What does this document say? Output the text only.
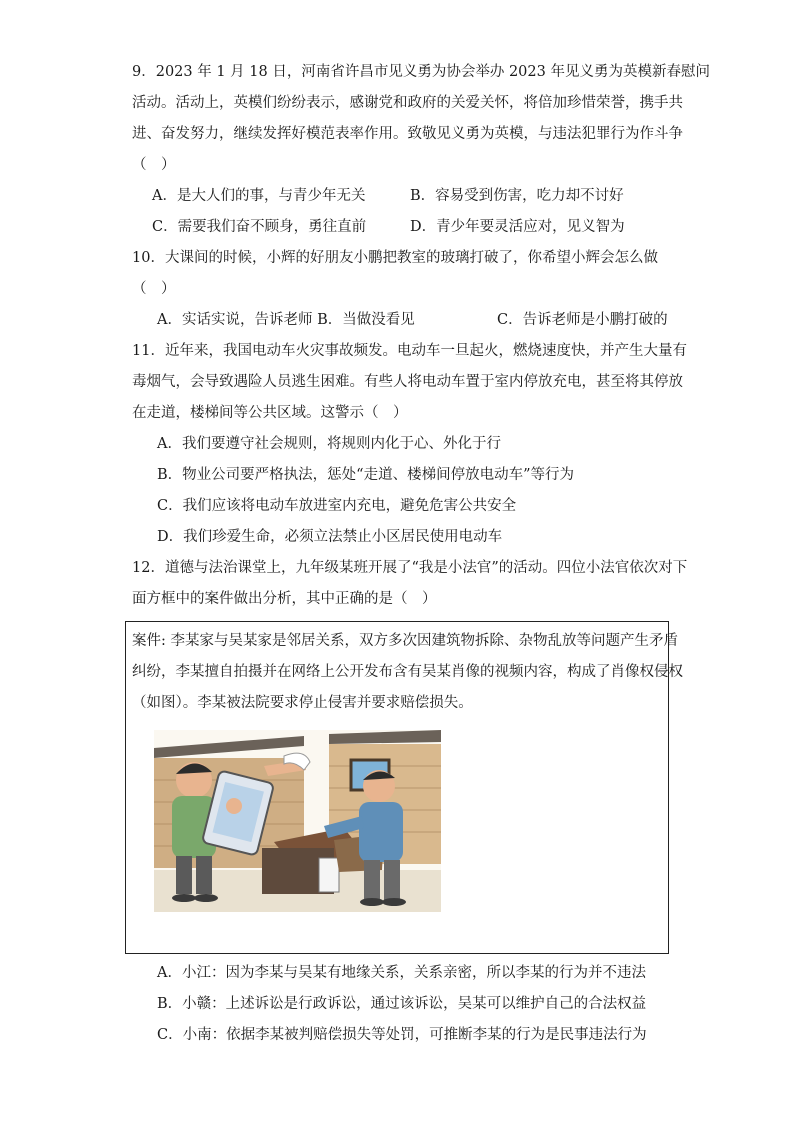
9．2023 年 1 月 18 日，河南省许昌市见义勇为协会举办 2023 年见义勇为英模新春慰问
活动。活动上，英模们纷纷表示，感谢党和政府的关爱关怀，将倍加珍惜荣誉，携手共
进、奋发努力，继续发挥好模范表率作用。致敬见义勇为英模，与违法犯罪行为作斗争
（　）
A．是大人们的事，与青少年无关	B．容易受到伤害，吃力却不讨好
C．需要我们奋不顾身，勇往直前	D．青少年要灵活应对，见义智为
10．大课间的时候，小辉的好朋友小鹏把教室的玻璃打破了，你希望小辉会怎么做
（　）
A．实话实说，告诉老师 B．当做没看见	C．告诉老师是小鹏打破的
11．近年来，我国电动车火灾事故频发。电动车一旦起火，燃烧速度快，并产生大量有
毒烟气，会导致遇险人员逃生困难。有些人将电动车置于室内停放充电，甚至将其停放
在走道，楼梯间等公共区域。这警示（　）
A．我们要遵守社会规则，将规则内化于心、外化于行
B．物业公司要严格执法，惩处“走道、楼梯间停放电动车”等行为
C．我们应该将电动车放进室内充电，避免危害公共安全
D．我们珍爱生命，必须立法禁止小区居民使用电动车
12．道德与法治课堂上，九年级某班开展了“我是小法官”的活动。四位小法官依次对下
面方框中的案件做出分析，其中正确的是（　）
案件: 李某家与吴某家是邻居关系，双方多次因建筑物拆除、杂物乱放等问题产生矛盾
纠纷，李某擅自拍摄并在网络上公开发布含有吴某肖像的视频内容，构成了肖像权侵权
（如图）。李某被法院要求停止侵害并要求赔偿损失。
A．小江：因为李某与吴某有地缘关系，关系亲密，所以李某的行为并不违法
B．小赣：上述诉讼是行政诉讼，通过该诉讼，吴某可以维护自己的合法权益
C．小南：依据李某被判赔偿损失等处罚，可推断李某的行为是民事违法行为
